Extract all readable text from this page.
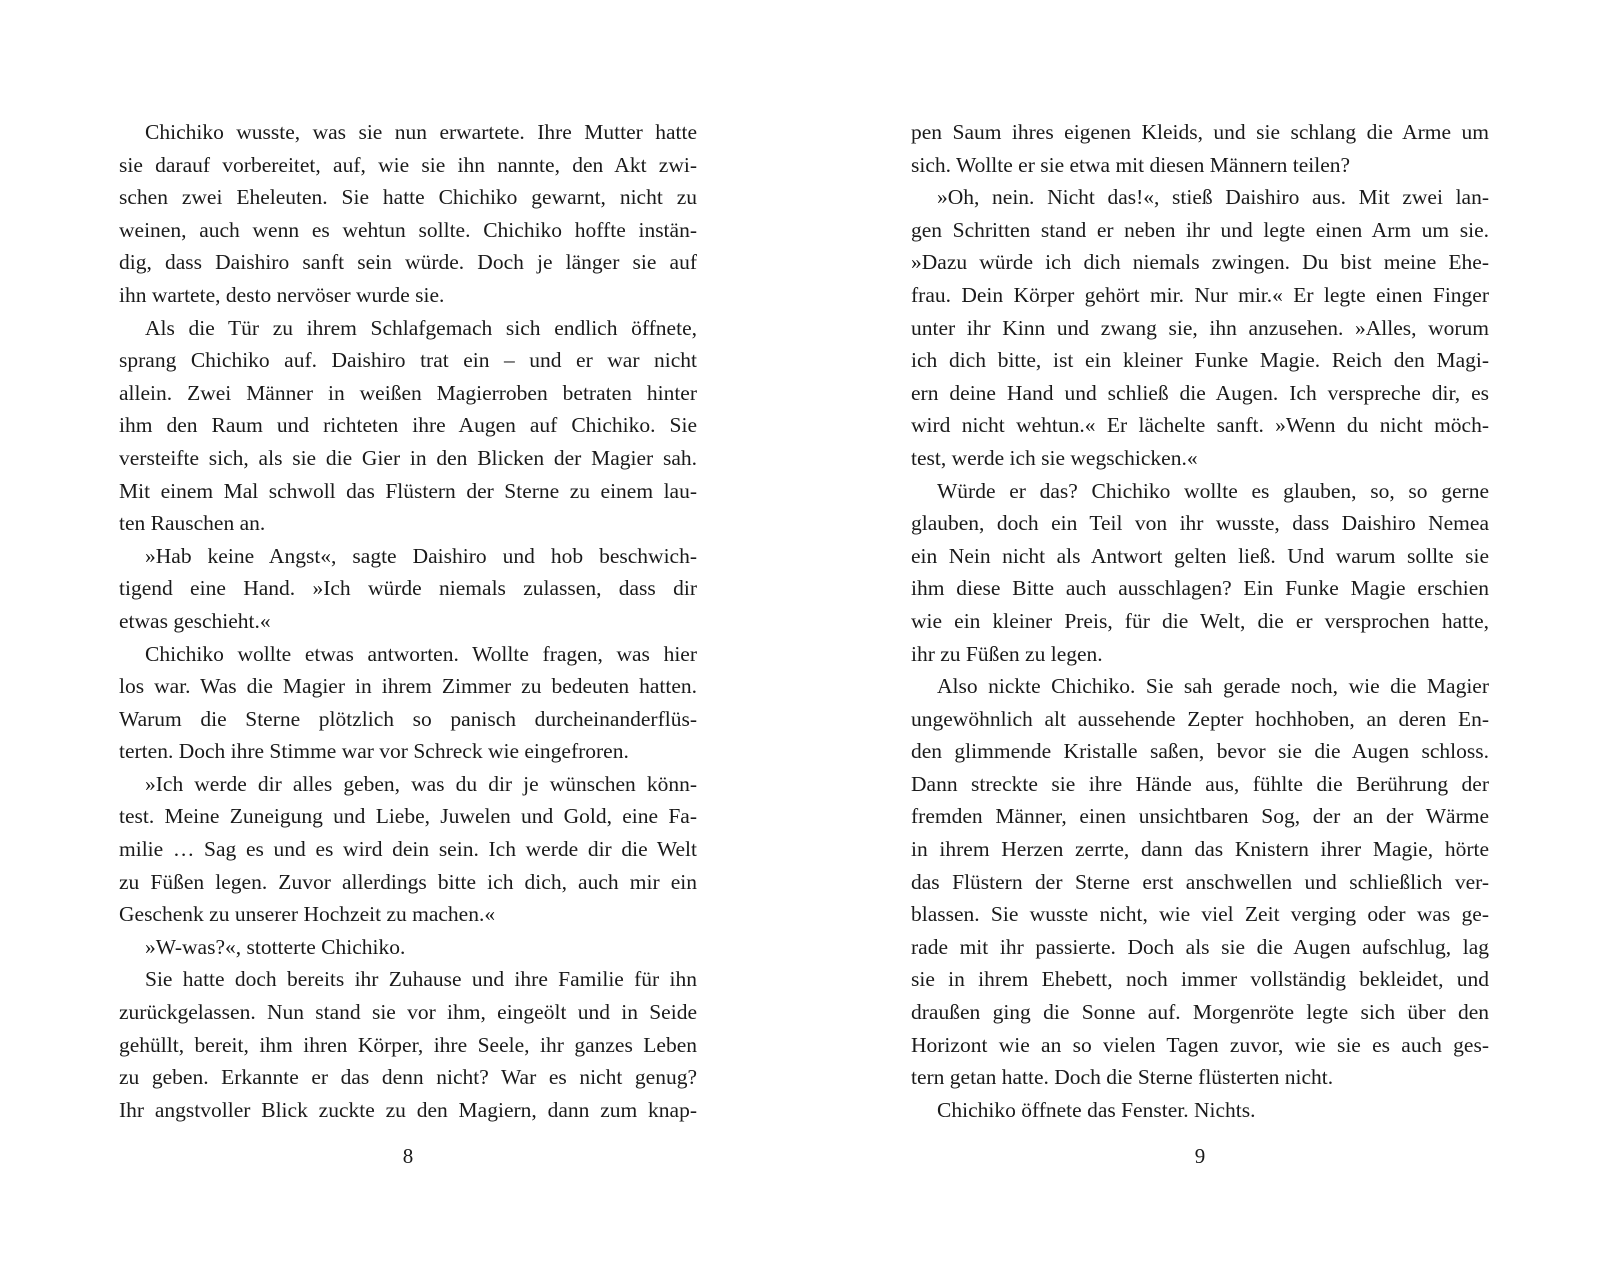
Chichiko wusste, was sie nun erwartete. Ihre Mutter hatte
sie darauf vorbereitet, auf, wie sie ihn nannte, den Akt zwi-
schen zwei Eheleuten. Sie hatte Chichiko gewarnt, nicht zu
weinen, auch wenn es wehtun sollte. Chichiko hoffte instän-
dig, dass Daishiro sanft sein würde. Doch je länger sie auf
ihn wartete, desto nervöser wurde sie.
Als die Tür zu ihrem Schlafgemach sich endlich öffnete,
sprang Chichiko auf. Daishiro trat ein – und er war nicht
allein. Zwei Männer in weißen Magierroben betraten hinter
ihm den Raum und richteten ihre Augen auf Chichiko. Sie
versteifte sich, als sie die Gier in den Blicken der Magier sah.
Mit einem Mal schwoll das Flüstern der Sterne zu einem lau-
ten Rauschen an.
»Hab keine Angst«, sagte Daishiro und hob beschwich-
tigend eine Hand. »Ich würde niemals zulassen, dass dir
etwas geschieht.«
Chichiko wollte etwas antworten. Wollte fragen, was hier
los war. Was die Magier in ihrem Zimmer zu bedeuten hatten.
Warum die Sterne plötzlich so panisch durcheinanderflüs-
terten. Doch ihre Stimme war vor Schreck wie eingefroren.
»Ich werde dir alles geben, was du dir je wünschen könn-
test. Meine Zuneigung und Liebe, Juwelen und Gold, eine Fa-
milie … Sag es und es wird dein sein. Ich werde dir die Welt
zu Füßen legen. Zuvor allerdings bitte ich dich, auch mir ein
Geschenk zu unserer Hochzeit zu machen.«
»W-was?«, stotterte Chichiko.
Sie hatte doch bereits ihr Zuhause und ihre Familie für ihn
zurückgelassen. Nun stand sie vor ihm, eingeölt und in Seide
gehüllt, bereit, ihm ihren Körper, ihre Seele, ihr ganzes Leben
zu geben. Erkannte er das denn nicht? War es nicht genug?
Ihr angstvoller Blick zuckte zu den Magiern, dann zum knap-
8
pen Saum ihres eigenen Kleids, und sie schlang die Arme um
sich. Wollte er sie etwa mit diesen Männern teilen?
»Oh, nein. Nicht das!«, stieß Daishiro aus. Mit zwei lan-
gen Schritten stand er neben ihr und legte einen Arm um sie.
»Dazu würde ich dich niemals zwingen. Du bist meine Ehe-
frau. Dein Körper gehört mir. Nur mir.« Er legte einen Finger
unter ihr Kinn und zwang sie, ihn anzusehen. »Alles, worum
ich dich bitte, ist ein kleiner Funke Magie. Reich den Magi-
ern deine Hand und schließ die Augen. Ich verspreche dir, es
wird nicht wehtun.« Er lächelte sanft. »Wenn du nicht möch-
test, werde ich sie wegschicken.«
Würde er das? Chichiko wollte es glauben, so, so gerne
glauben, doch ein Teil von ihr wusste, dass Daishiro Nemea
ein Nein nicht als Antwort gelten ließ. Und warum sollte sie
ihm diese Bitte auch ausschlagen? Ein Funke Magie erschien
wie ein kleiner Preis, für die Welt, die er versprochen hatte,
ihr zu Füßen zu legen.
Also nickte Chichiko. Sie sah gerade noch, wie die Magier
ungewöhnlich alt aussehende Zepter hochhoben, an deren En-
den glimmende Kristalle saßen, bevor sie die Augen schloss.
Dann streckte sie ihre Hände aus, fühlte die Berührung der
fremden Männer, einen unsichtbaren Sog, der an der Wärme
in ihrem Herzen zerrte, dann das Knistern ihrer Magie, hörte
das Flüstern der Sterne erst anschwellen und schließlich ver-
blassen. Sie wusste nicht, wie viel Zeit verging oder was ge-
rade mit ihr passierte. Doch als sie die Augen aufschlug, lag
sie in ihrem Ehebett, noch immer vollständig bekleidet, und
draußen ging die Sonne auf. Morgenröte legte sich über den
Horizont wie an so vielen Tagen zuvor, wie sie es auch ges-
tern getan hatte. Doch die Sterne flüsterten nicht.
Chichiko öffnete das Fenster. Nichts.
9
